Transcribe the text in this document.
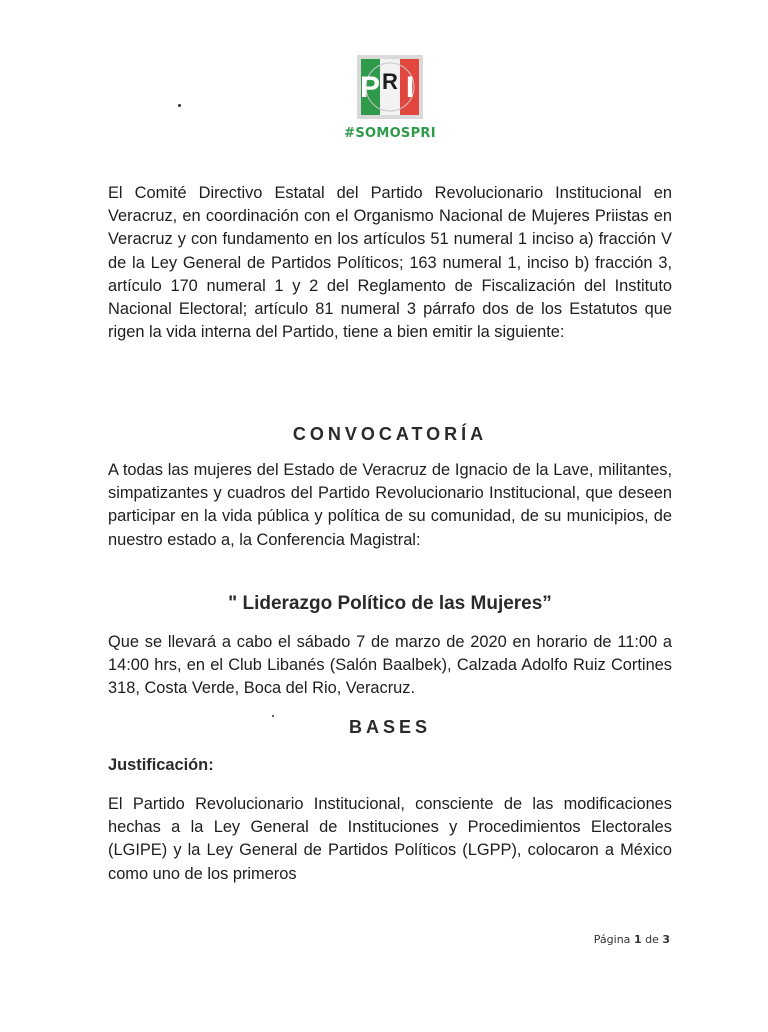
P R I
#SOMOSPRI

El Comité Directivo Estatal del Partido Revolucionario Institucional en Veracruz, en coordinación con el Organismo Nacional de Mujeres Priistas en Veracruz y con fundamento en los artículos 51 numeral 1 inciso a) fracción V de la Ley General de Partidos Políticos; 163 numeral 1, inciso b) fracción 3, artículo 170 numeral 1 y 2 del Reglamento de Fiscalización del Instituto Nacional Electoral; artículo 81 numeral 3 párrafo dos de los Estatutos que rigen la vida interna del Partido, tiene a bien emitir la siguiente:

CONVOCATORÍA

A todas las mujeres del Estado de Veracruz de Ignacio de la Lave, militantes, simpatizantes y cuadros del Partido Revolucionario Institucional, que deseen participar en la vida pública y política de su comunidad, de su municipios, de nuestro estado a, la Conferencia Magistral:

" Liderazgo Político de las Mujeres”

Que se llevará a cabo el sábado 7 de marzo de 2020 en horario de 11:00 a 14:00 hrs, en el Club Libanés (Salón Baalbek), Calzada Adolfo Ruiz Cortines 318, Costa Verde, Boca del Rio, Veracruz.

BASES
Justificación:

El Partido Revolucionario Institucional, consciente de las modificaciones hechas a la Ley General de Instituciones y Procedimientos Electorales (LGIPE) y la Ley General de Partidos Políticos (LGPP), colocaron a México como uno de los primeros

Página 1 de 3
